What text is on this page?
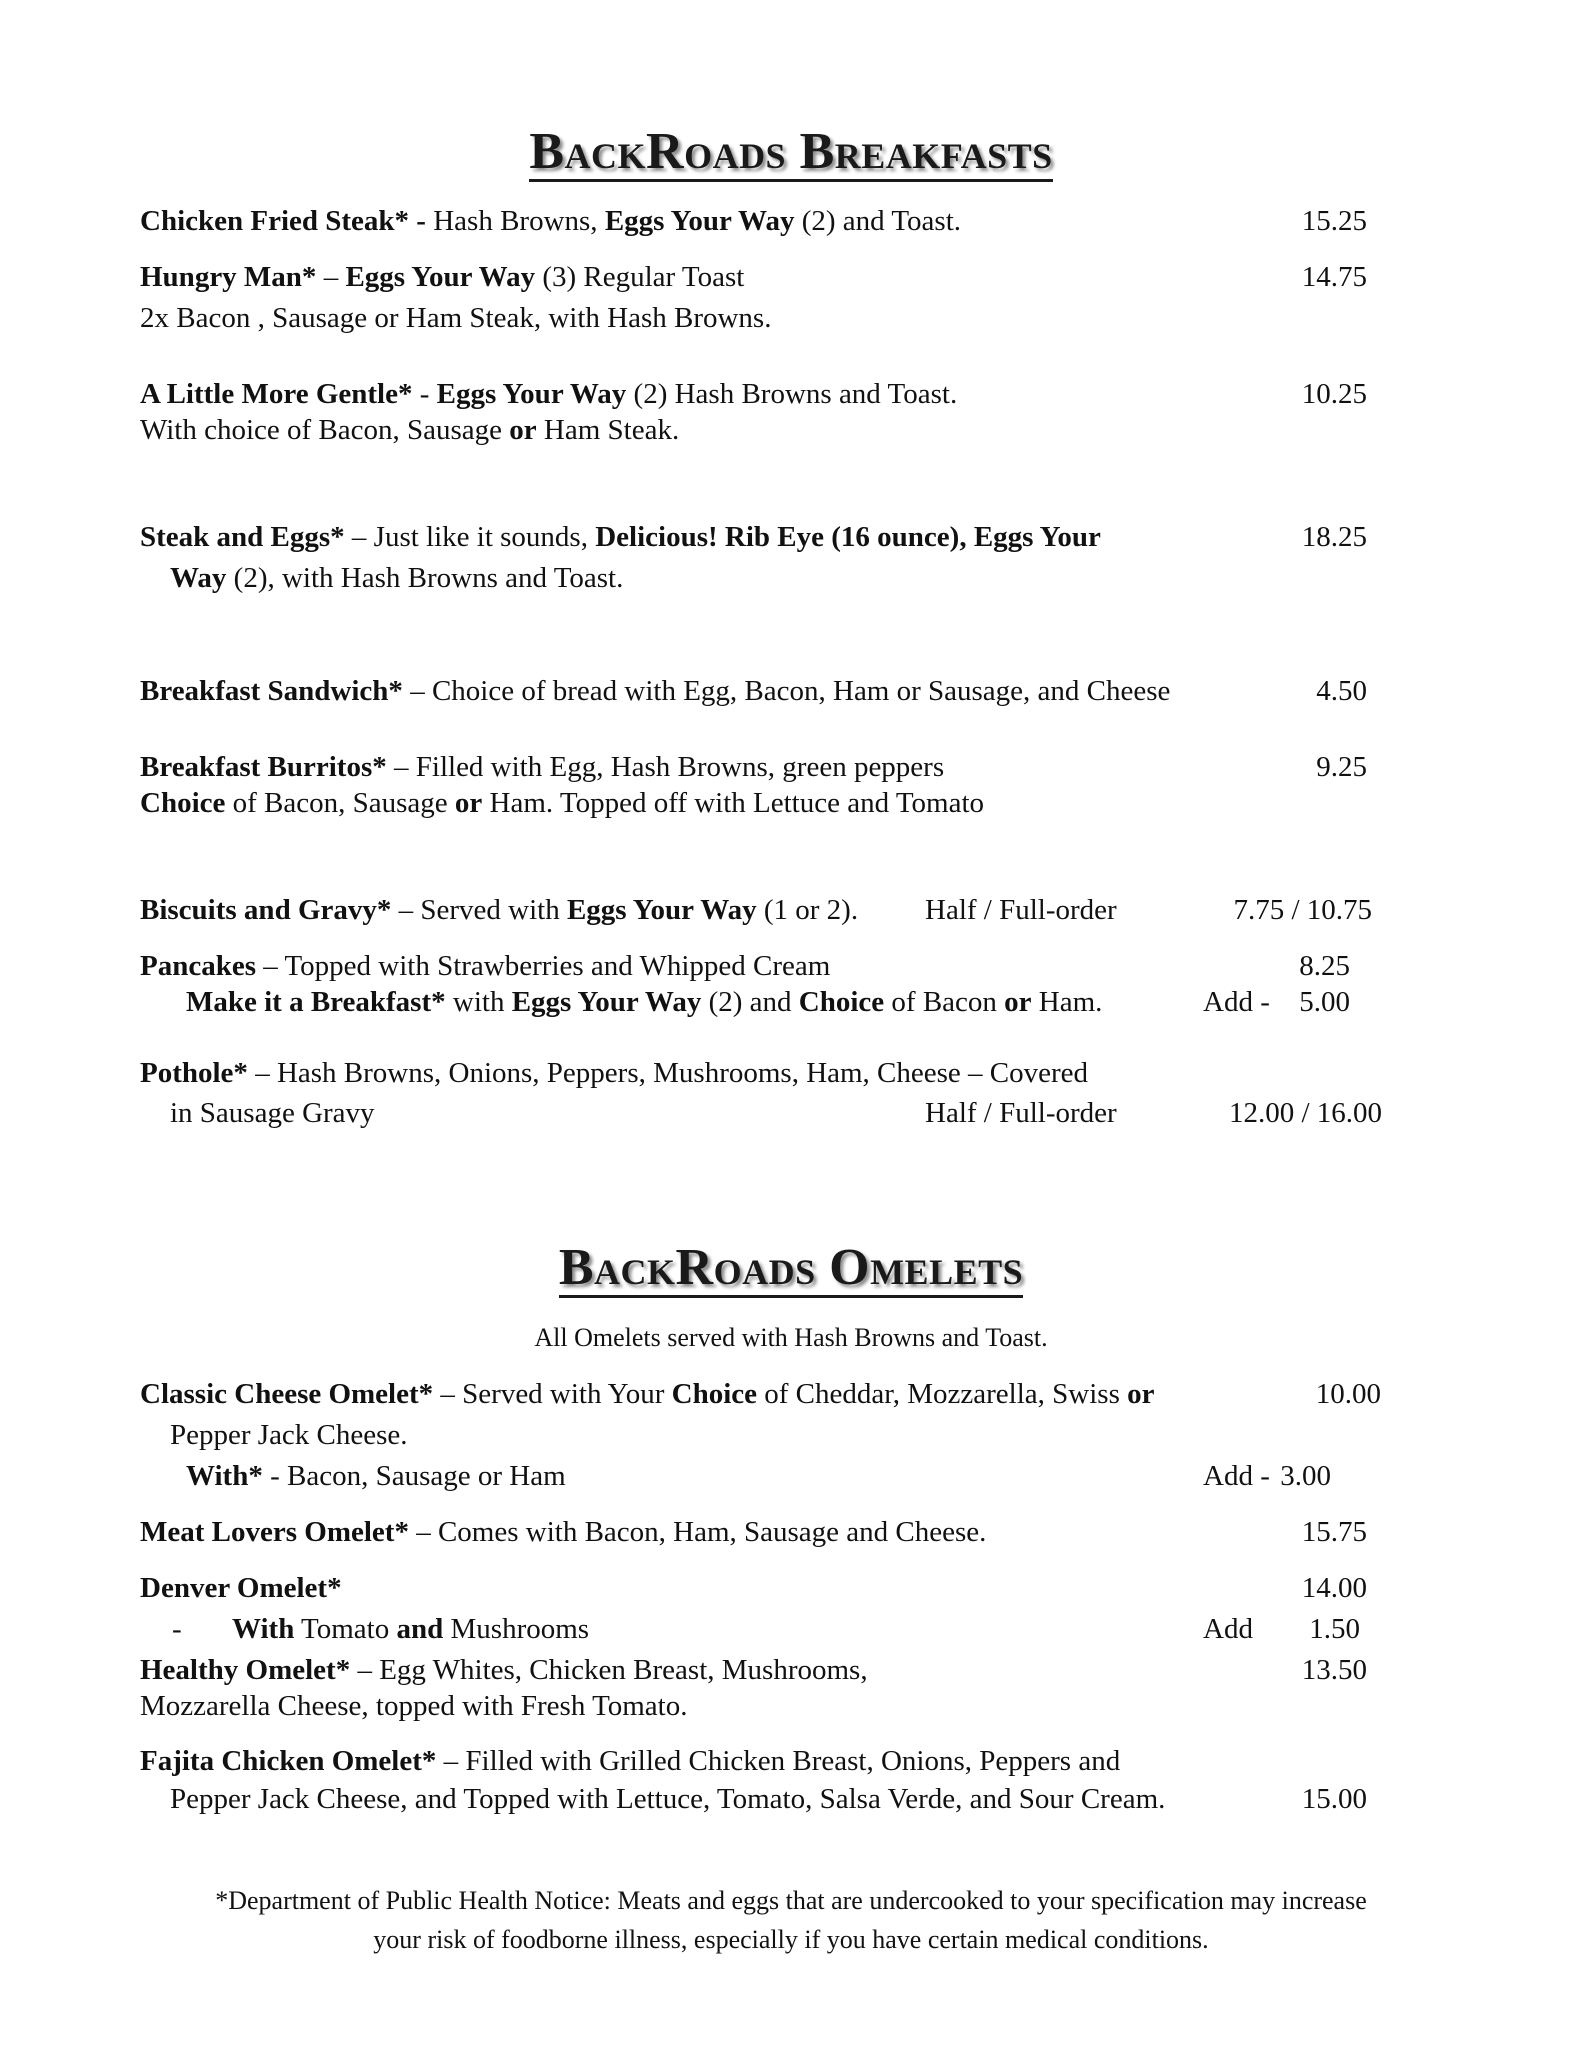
BackRoads Breakfasts
Chicken Fried Steak* - Hash Browns, Eggs Your Way (2) and Toast.	15.25
Hungry Man* – Eggs Your Way (3) Regular Toast	14.75
2x Bacon , Sausage or Ham Steak, with Hash Browns.
A Little More Gentle* - Eggs Your Way (2) Hash Browns and Toast.	10.25
With choice of Bacon, Sausage or Ham Steak.
Steak and Eggs* – Just like it sounds, Delicious! Rib Eye (16 ounce), Eggs Your	18.25
Way (2), with Hash Browns and Toast.
Breakfast Sandwich* – Choice of bread with Egg, Bacon, Ham or Sausage, and Cheese	4.50
Breakfast Burritos* – Filled with Egg, Hash Browns, green peppers	9.25
Choice of Bacon, Sausage or Ham. Topped off with Lettuce and Tomato
Biscuits and Gravy* – Served with Eggs Your Way (1 or 2). Half / Full-order	7.75 / 10.75
Pancakes – Topped with Strawberries and Whipped Cream	8.25
Make it a Breakfast* with Eggs Your Way (2) and Choice of Bacon or Ham.	Add -	5.00
Pothole* – Hash Browns, Onions, Peppers, Mushrooms, Ham, Cheese – Covered
in Sausage Gravy	Half / Full-order	12.00 / 16.00
BackRoads Omelets
All Omelets served with Hash Browns and Toast.
Classic Cheese Omelet* – Served with Your Choice of Cheddar, Mozzarella, Swiss or	10.00
Pepper Jack Cheese.
With* - Bacon, Sausage or Ham	Add - 3.00
Meat Lovers Omelet* – Comes with Bacon, Ham, Sausage and Cheese.	15.75
Denver Omelet*	14.00
- With Tomato and Mushrooms	Add	1.50
Healthy Omelet* – Egg Whites, Chicken Breast, Mushrooms,	13.50
Mozzarella Cheese, topped with Fresh Tomato.
Fajita Chicken Omelet* – Filled with Grilled Chicken Breast, Onions, Peppers and
Pepper Jack Cheese, and Topped with Lettuce, Tomato, Salsa Verde, and Sour Cream.	15.00
*Department of Public Health Notice: Meats and eggs that are undercooked to your specification may increase
your risk of foodborne illness, especially if you have certain medical conditions.
